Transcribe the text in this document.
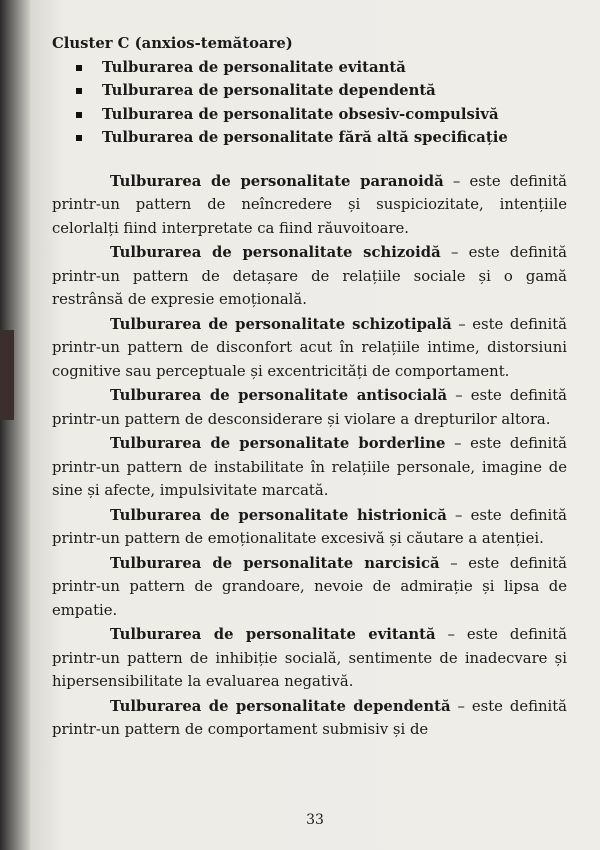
Cluster C (anxios-temătoare)

Tulburarea de personalitate evitantă
Tulburarea de personalitate dependentă
Tulburarea de personalitate obsesiv-compulsivă
Tulburarea de personalitate fără altă specificație

Tulburarea de personalitate paranoidă – este definită printr-un pattern de neîncredere și suspiciozitate, intențiile celorlalți fiind interpretate ca fiind răuvoitoare.

Tulburarea de personalitate schizoidă – este definită printr-un pattern de detașare de relațiile sociale și o gamă restrânsă de expresie emoțională.

Tulburarea de personalitate schizotipală – este definită printr-un pattern de disconfort acut în relațiile intime, distorsiuni cognitive sau perceptuale și excentricități de comportament.

Tulburarea de personalitate antisocială – este definită printr-un pattern de desconsiderare și violare a drepturilor altora.

Tulburarea de personalitate borderline – este definită printr-un pattern de instabilitate în relațiile personale, imagine de sine și afecte, impulsivitate marcată.

Tulburarea de personalitate histrionică – este definită printr-un pattern de emoționalitate excesivă și căutare a atenției.

Tulburarea de personalitate narcisică – este definită printr-un pattern de grandoare, nevoie de admirație și lipsa de empatie.

Tulburarea de personalitate evitantă – este definită printr-un pattern de inhibiție socială, sentimente de inadecvare și hipersensibilitate la evaluarea negativă.

Tulburarea de personalitate dependentă – este definită printr-un pattern de comportament submisiv și de

33
